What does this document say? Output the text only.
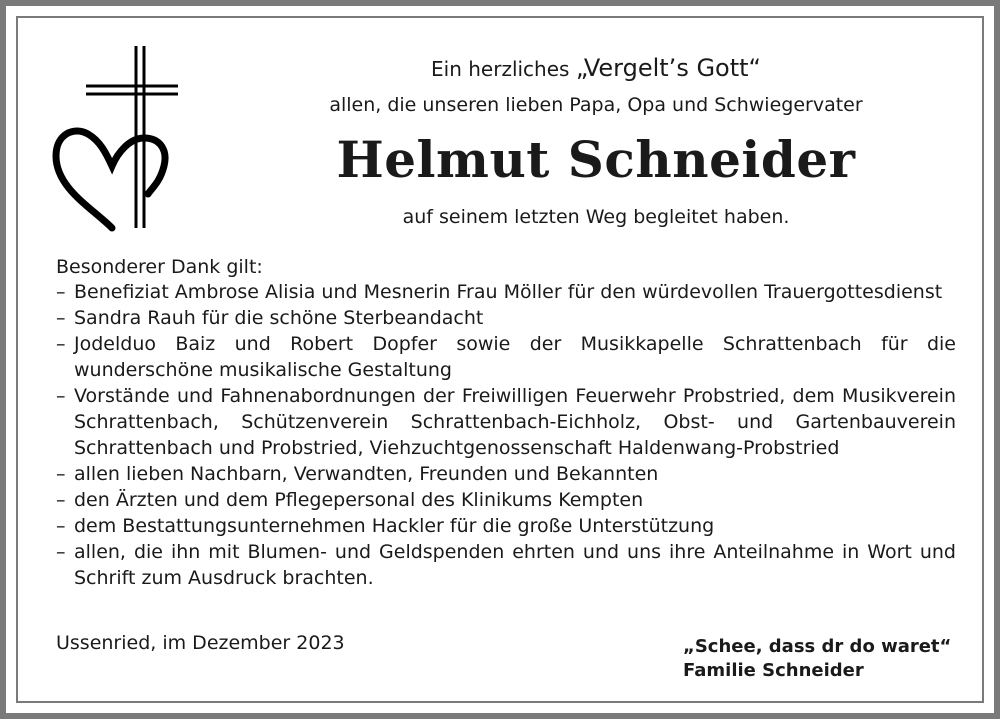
Ein herzliches „Vergelt’s Gott“
allen, die unseren lieben Papa, Opa und Schwiegervater
Helmut Schneider
auf seinem letzten Weg begleitet haben.
Besonderer Dank gilt:
– Benefiziat Ambrose Alisia und Mesnerin Frau Möller für den würdevollen Trauergottesdienst
– Sandra Rauh für die schöne Sterbeandacht
– Jodelduo Baiz und Robert Dopfer sowie der Musikkapelle Schrattenbach für die wunderschöne musikalische Gestaltung
– Vorstände und Fahnenabordnungen der Freiwilligen Feuerwehr Probstried, dem Musikverein Schrattenbach, Schützenverein Schrattenbach-Eichholz, Obst- und Gartenbauverein Schrattenbach und Probstried, Viehzuchtgenossenschaft Haldenwang-Probstried
– allen lieben Nachbarn, Verwandten, Freunden und Bekannten
– den Ärzten und dem Pflegepersonal des Klinikums Kempten
– dem Bestattungsunternehmen Hackler für die große Unterstützung
– allen, die ihn mit Blumen- und Geldspenden ehrten und uns ihre Anteilnahme in Wort und Schrift zum Ausdruck brachten.
Ussenried, im Dezember 2023	„Schee, dass dr do waret“
Familie Schneider
